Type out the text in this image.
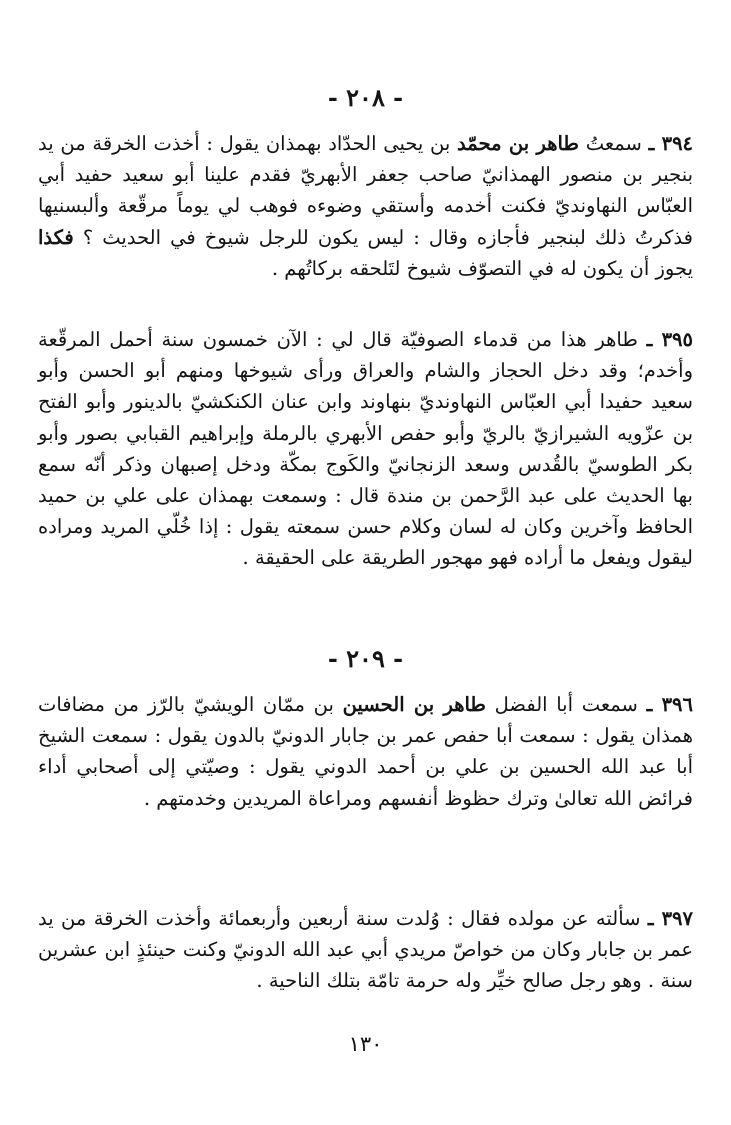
- ٢٠٨ -

٣٩٤ ـ سمعتُ طاهر بن محمّد بن يحيى الحدّاد بهمذان يقول : أخذت الخرقة من يد بنجير بن منصور الهمذانيّ صاحب جعفر الأبهريّ فقدم علينا أبو سعيد حفيد أبي العبّاس النهاونديّ فكنت أخدمه وأستقي وضوءه فوهب لي يوماً مرقّعة وألبسنيها فذكرتُ ذلك لبنجير فأجازه وقال : ليس يكون للرجل شيوخ في الحديث ؟ فكذا يجوز أن يكون له في التصوّف شيوخ لتَلحقه بركاتُهم .

٣٩٥ ـ طاهر هذا من قدماء الصوفيّة قال لي : الآن خمسون سنة أحمل المرقّعة وأخدم؛ وقد دخل الحجاز والشام والعراق ورأى شيوخها ومنهم أبو الحسن وأبو سعيد حفيدا أبي العبّاس النهاونديّ بنهاوند وابن عنان الكنكشيّ بالدينور وأبو الفتح بن عزّويه الشيرازيّ بالريّ وأبو حفص الأبهري بالرملة وإبراهيم القبابي بصور وأبو بكر الطوسيّ بالقُدس وسعد الزنجانيّ والكَوج بمكّة ودخل إصبهان وذكر أنّه سمع بها الحديث على عبد الرَّحمن بن مندة قال : وسمعت بهمذان على علي بن حميد الحافظ وآخرين وكان له لسان وكلام حسن سمعته يقول : إذا خُلّي المريد ومراده ليقول ويفعل ما أراده فهو مهجور الطريقة على الحقيقة .

- ٢٠٩ -

٣٩٦ ـ سمعت أبا الفضل طاهر بن الحسين بن ممّان الويشيّ بالرّز من مضافات همذان يقول : سمعت أبا حفص عمر بن جابار الدونيّ بالدون يقول : سمعت الشيخ أبا عبد الله الحسين بن علي بن أحمد الدوني يقول : وصيّتي إلى أصحابي أداء فرائض الله تعالىٰ وترك حظوظ أنفسهم ومراعاة المريدين وخدمتهم .

٣٩٧ ـ سألته عن مولده فقال : وُلدت سنة أربعين وأربعمائة وأخذت الخرقة من يد عمر بن جابار وكان من خواصّ مريدي أبي عبد الله الدونيّ وكنت حينئذٍ ابن عشرين سنة . وهو رجل صالح خيِّر وله حرمة تامّة بتلك الناحية .

١٣٠
